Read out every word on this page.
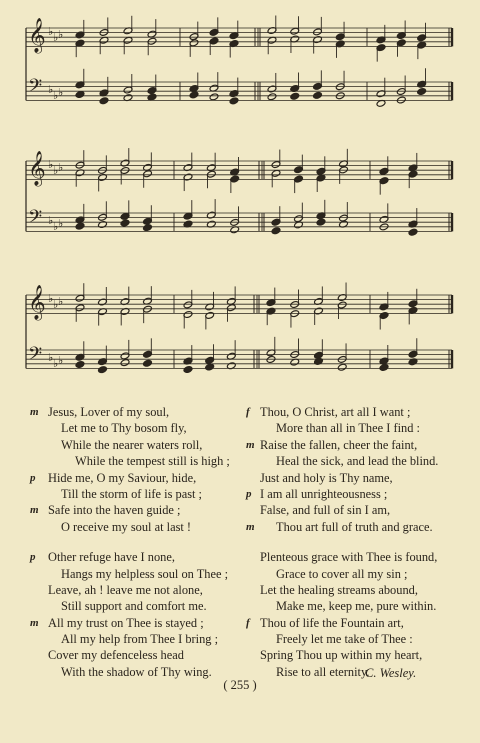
𝄞 ♭ ♭ ♭
𝄢 ♭ ♭ ♭
𝄞 ♭ ♭ ♭
𝄢 ♭ ♭ ♭
𝄞 ♭ ♭ ♭
𝄢 ♭ ♭ ♭
m Jesus, Lover of my soul,
Let me to Thy bosom fly,
While the nearer waters roll,
While the tempest still is high ;
p Hide me, O my Saviour, hide,
Till the storm of life is past ;
m Safe into the haven guide ;
O receive my soul at last !
p Other refuge have I none,
Hangs my helpless soul on Thee ;
Leave, ah ! leave me not alone,
Still support and comfort me.
m All my trust on Thee is stayed ;
All my help from Thee I bring ;
Cover my defenceless head
With the shadow of Thy wing.
f Thou, O Christ, art all I want ;
More than all in Thee I find :
m Raise the fallen, cheer the faint,
Heal the sick, and lead the blind.
Just and holy is Thy name,
p I am all unrighteousness ;
False, and full of sin I am,
m Thou art full of truth and grace.
Plenteous grace with Thee is found,
Grace to cover all my sin ;
Let the healing streams abound,
Make me, keep me, pure within.
f Thou of life the Fountain art,
Freely let me take of Thee :
Spring Thou up within my heart,
Rise to all eternity.
C. Wesley.
( 255 )
